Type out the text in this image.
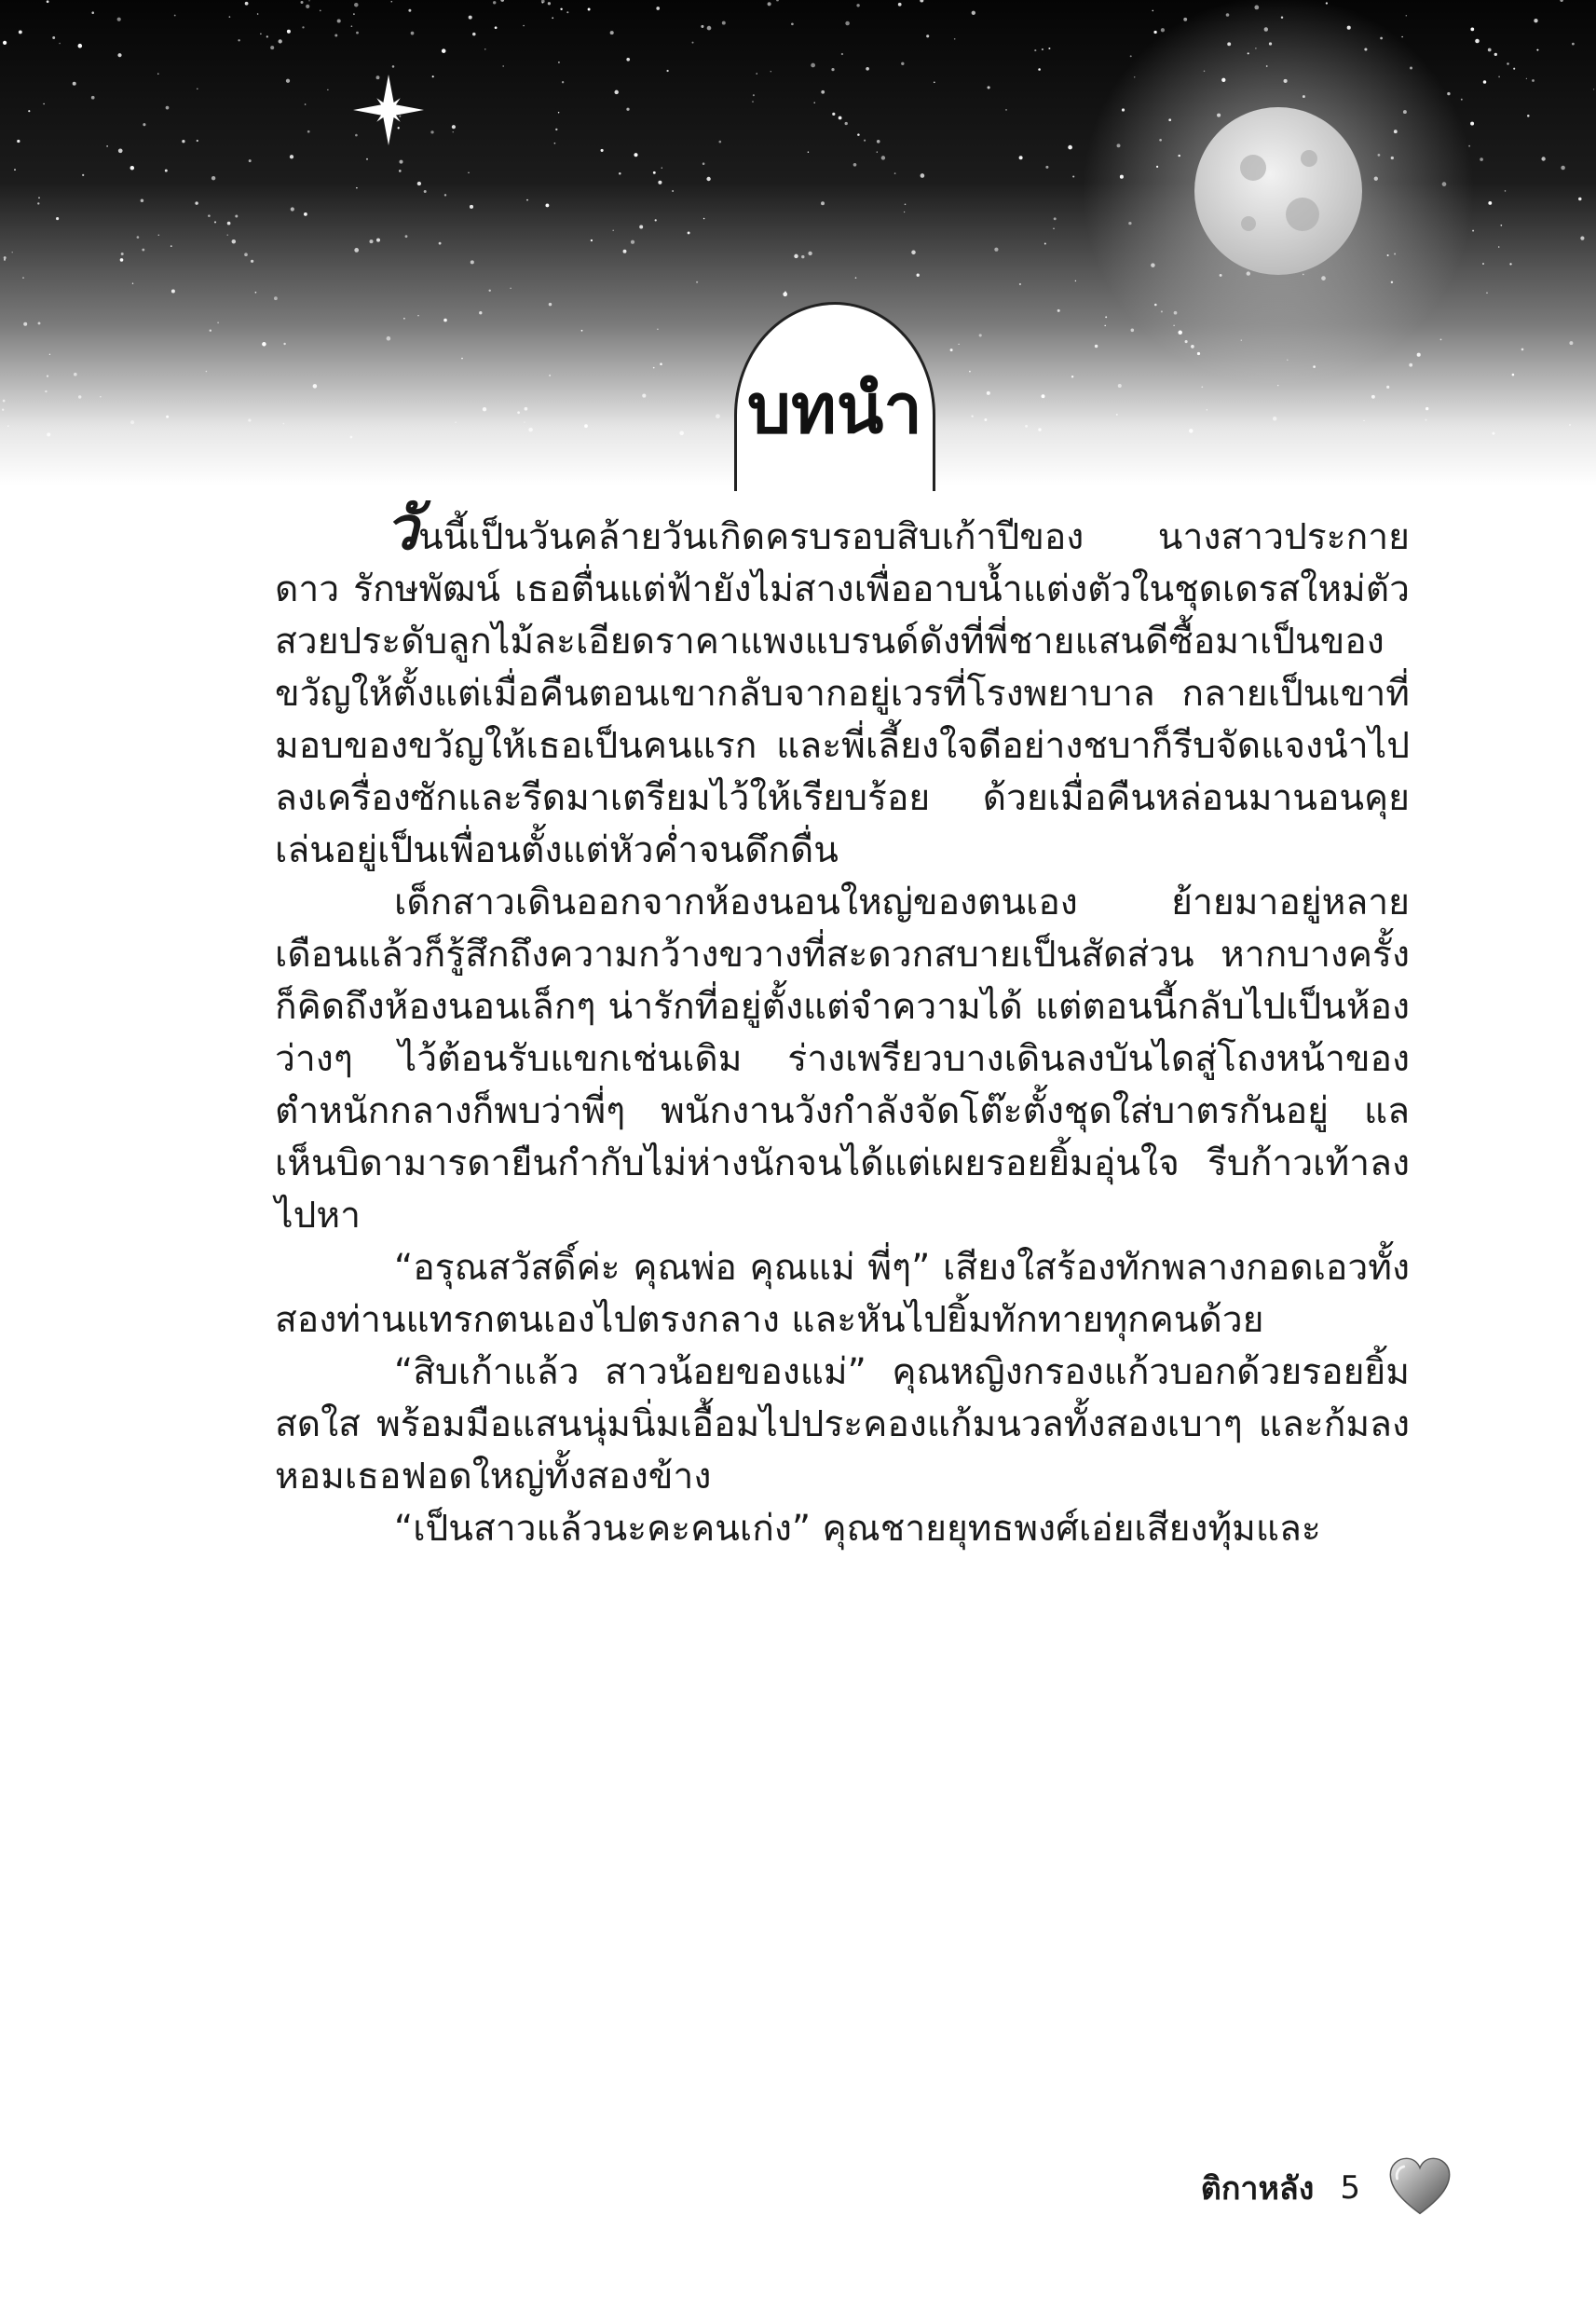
บทนำ

วันนี้เป็นวันคล้ายวันเกิดครบรอบสิบเก้าปีของ นางสาวประกายดาว รักษพัฒน์ เธอตื่นแต่ฟ้ายังไม่สางเพื่ออาบน้ำแต่งตัวในชุดเดรสใหม่ตัวสวยประดับลูกไม้ละเอียดราคาแพงแบรนด์ดังที่พี่ชายแสนดีซื้อมาเป็นของขวัญให้ตั้งแต่เมื่อคืนตอนเขากลับจากอยู่เวรที่โรงพยาบาล กลายเป็นเขาที่มอบของขวัญให้เธอเป็นคนแรก และพี่เลี้ยงใจดีอย่างชบาก็รีบจัดแจงนำไปลงเครื่องซักและรีดมาเตรียมไว้ให้เรียบร้อย ด้วยเมื่อคืนหล่อนมานอนคุยเล่นอยู่เป็นเพื่อนตั้งแต่หัวค่ำจนดึกดื่น

เด็กสาวเดินออกจากห้องนอนใหญ่ของตนเอง ย้ายมาอยู่หลายเดือนแล้วก็รู้สึกถึงความกว้างขวางที่สะดวกสบายเป็นสัดส่วน หากบางครั้งก็คิดถึงห้องนอนเล็กๆ น่ารักที่อยู่ตั้งแต่จำความได้ แต่ตอนนี้กลับไปเป็นห้องว่างๆ ไว้ต้อนรับแขกเช่นเดิม ร่างเพรียวบางเดินลงบันไดสู่โถงหน้าของตำหนักกลางก็พบว่าพี่ๆ พนักงานวังกำลังจัดโต๊ะตั้งชุดใส่บาตรกันอยู่ แลเห็นบิดามารดายืนกำกับไม่ห่างนักจนได้แต่เผยรอยยิ้มอุ่นใจ รีบก้าวเท้าลงไปหา

“อรุณสวัสดิ์ค่ะ คุณพ่อ คุณแม่ พี่ๆ” เสียงใสร้องทักพลางกอดเอวทั้งสองท่านแทรกตนเองไปตรงกลาง และหันไปยิ้มทักทายทุกคนด้วย

“สิบเก้าแล้ว สาวน้อยของแม่” คุณหญิงกรองแก้วบอกด้วยรอยยิ้มสดใส พร้อมมือแสนนุ่มนิ่มเอื้อมไปประคองแก้มนวลทั้งสองเบาๆ และก้มลงหอมเธอฟอดใหญ่ทั้งสองข้าง

“เป็นสาวแล้วนะคะคนเก่ง” คุณชายยุทธพงศ์เอ่ยเสียงทุ้มและ

ติกาหลัง 5
